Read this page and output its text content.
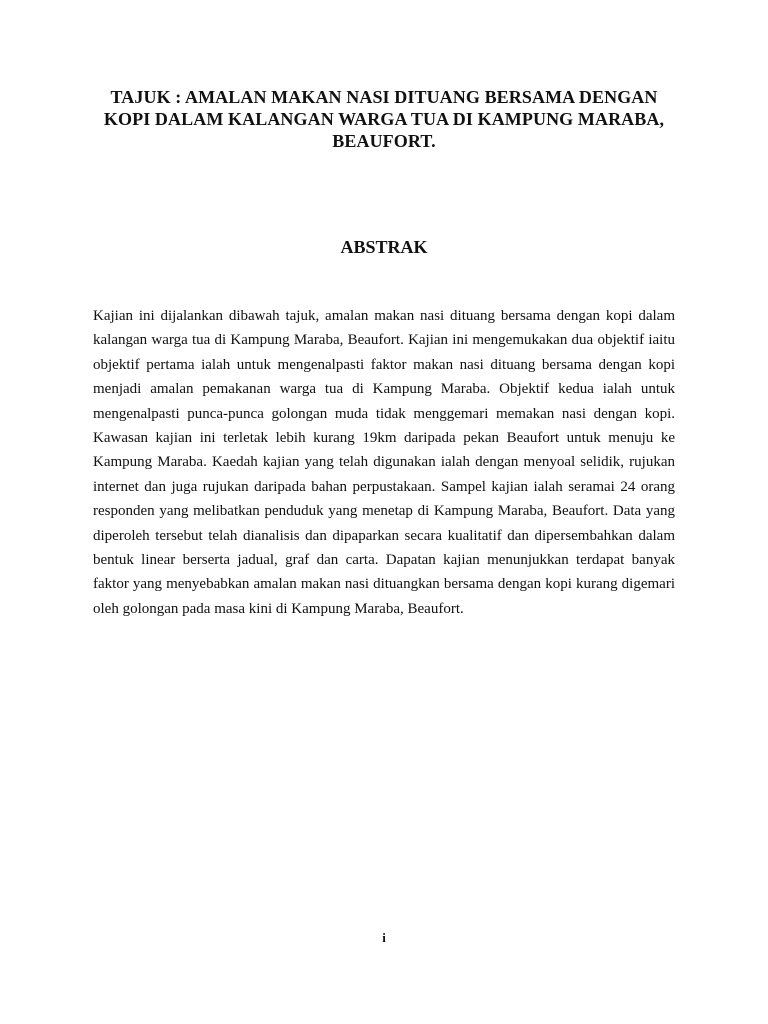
TAJUK : AMALAN MAKAN NASI DITUANG BERSAMA DENGAN KOPI DALAM KALANGAN WARGA TUA DI KAMPUNG MARABA, BEAUFORT.
ABSTRAK

Kajian ini dijalankan dibawah tajuk, amalan makan nasi dituang bersama dengan kopi dalam kalangan warga tua di Kampung Maraba, Beaufort. Kajian ini mengemukakan dua objektif iaitu objektif pertama ialah untuk mengenalpasti faktor makan nasi dituang bersama dengan kopi menjadi amalan pemakanan warga tua di Kampung Maraba. Objektif kedua ialah untuk mengenalpasti punca-punca golongan muda tidak menggemari memakan nasi dengan kopi. Kawasan kajian ini terletak lebih kurang 19km daripada pekan Beaufort untuk menuju ke Kampung Maraba. Kaedah kajian yang telah digunakan ialah dengan menyoal selidik, rujukan internet dan juga rujukan daripada bahan perpustakaan. Sampel kajian ialah seramai 24 orang responden yang melibatkan penduduk yang menetap di Kampung Maraba, Beaufort. Data yang diperoleh tersebut telah dianalisis dan dipaparkan secara kualitatif dan dipersembahkan dalam bentuk linear berserta jadual, graf dan carta. Dapatan kajian menunjukkan terdapat banyak faktor yang menyebabkan amalan makan nasi dituangkan bersama dengan kopi kurang digemari oleh golongan pada masa kini di Kampung Maraba, Beaufort.

i
